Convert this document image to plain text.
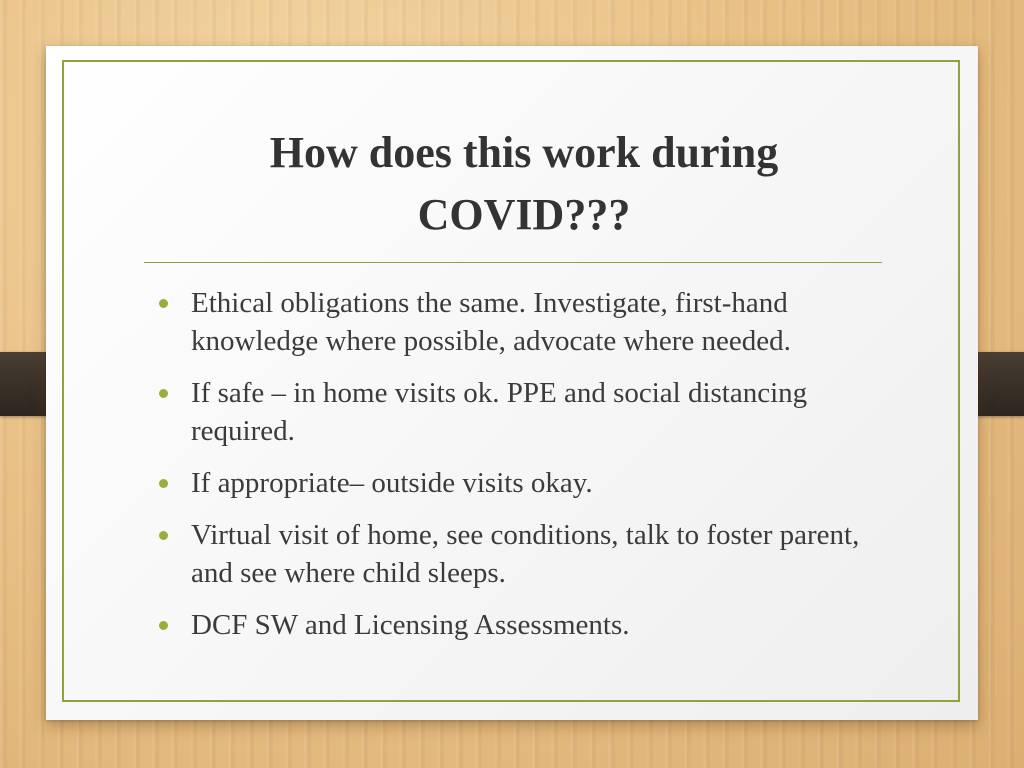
How does this work during
COVID???
Ethical obligations the same. Investigate, first-hand knowledge where possible, advocate where needed.
If safe – in home visits ok. PPE and social distancing required.
If appropriate– outside visits okay.
Virtual visit of home, see conditions, talk to foster parent, and see where child sleeps.
DCF SW and Licensing Assessments.
